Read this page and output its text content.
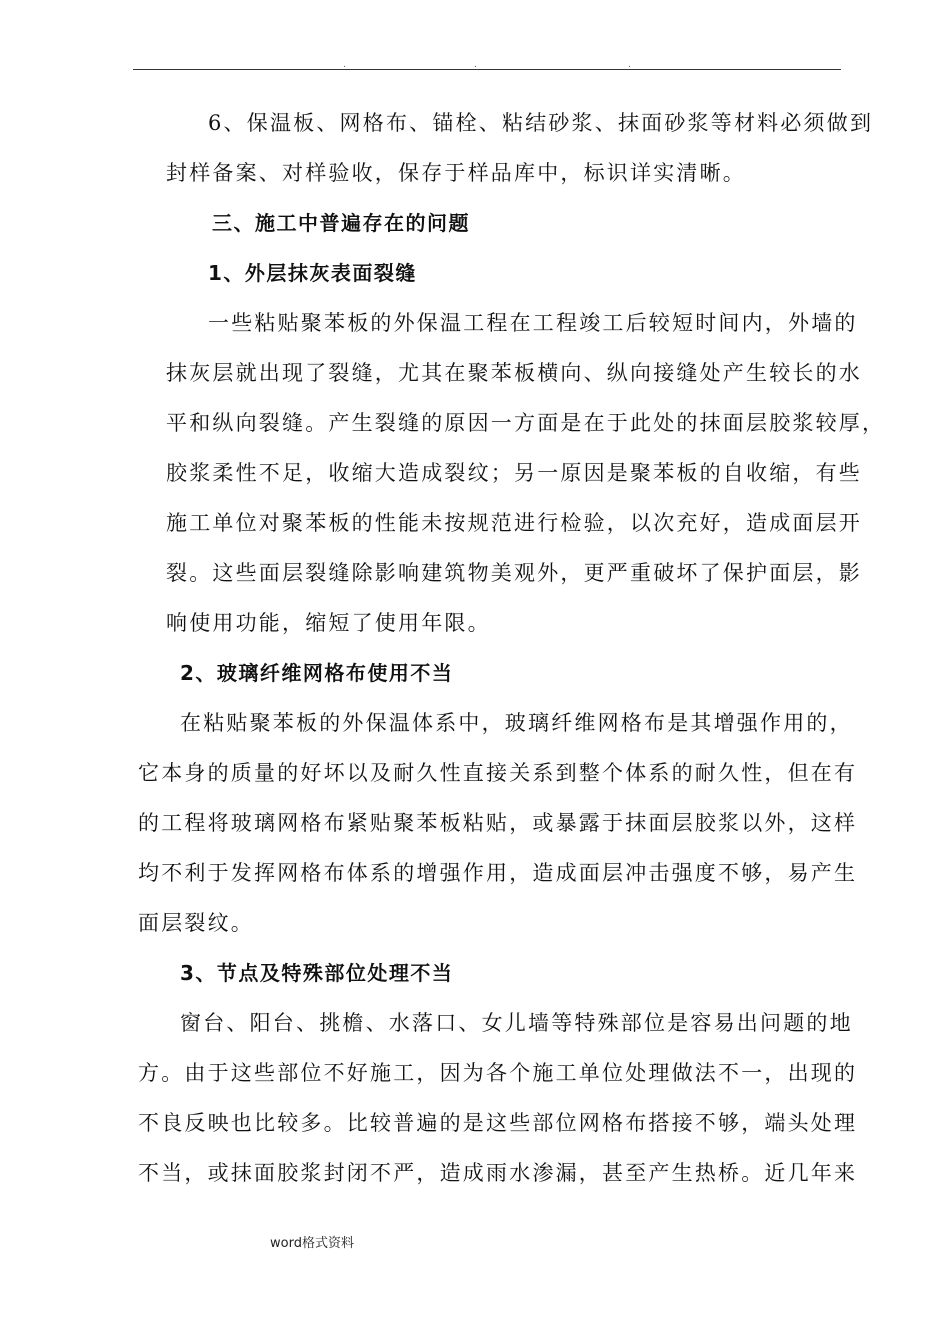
.	.	.
6、保温板、网格布、锚栓、粘结砂浆、抹面砂浆等材料必须做到
封样备案、对样验收，保存于样品库中，标识详实清晰。
三、施工中普遍存在的问题
1、外层抹灰表面裂缝
一些粘贴聚苯板的外保温工程在工程竣工后较短时间内，外墙的
抹灰层就出现了裂缝，尤其在聚苯板横向、纵向接缝处产生较长的水
平和纵向裂缝。产生裂缝的原因一方面是在于此处的抹面层胶浆较厚，
胶浆柔性不足，收缩大造成裂纹；另一原因是聚苯板的自收缩，有些
施工单位对聚苯板的性能未按规范进行检验，以次充好，造成面层开
裂。这些面层裂缝除影响建筑物美观外，更严重破坏了保护面层，影
响使用功能，缩短了使用年限。
2、玻璃纤维网格布使用不当
在粘贴聚苯板的外保温体系中，玻璃纤维网格布是其增强作用的，
它本身的质量的好坏以及耐久性直接关系到整个体系的耐久性，但在有
的工程将玻璃网格布紧贴聚苯板粘贴，或暴露于抹面层胶浆以外，这样
均不利于发挥网格布体系的增强作用，造成面层冲击强度不够，易产生
面层裂纹。
3、节点及特殊部位处理不当
窗台、阳台、挑檐、水落口、女儿墙等特殊部位是容易出问题的地
方。由于这些部位不好施工，因为各个施工单位处理做法不一，出现的
不良反映也比较多。比较普遍的是这些部位网格布搭接不够，端头处理
不当，或抹面胶浆封闭不严，造成雨水渗漏，甚至产生热桥。近几年来
word格式资料
